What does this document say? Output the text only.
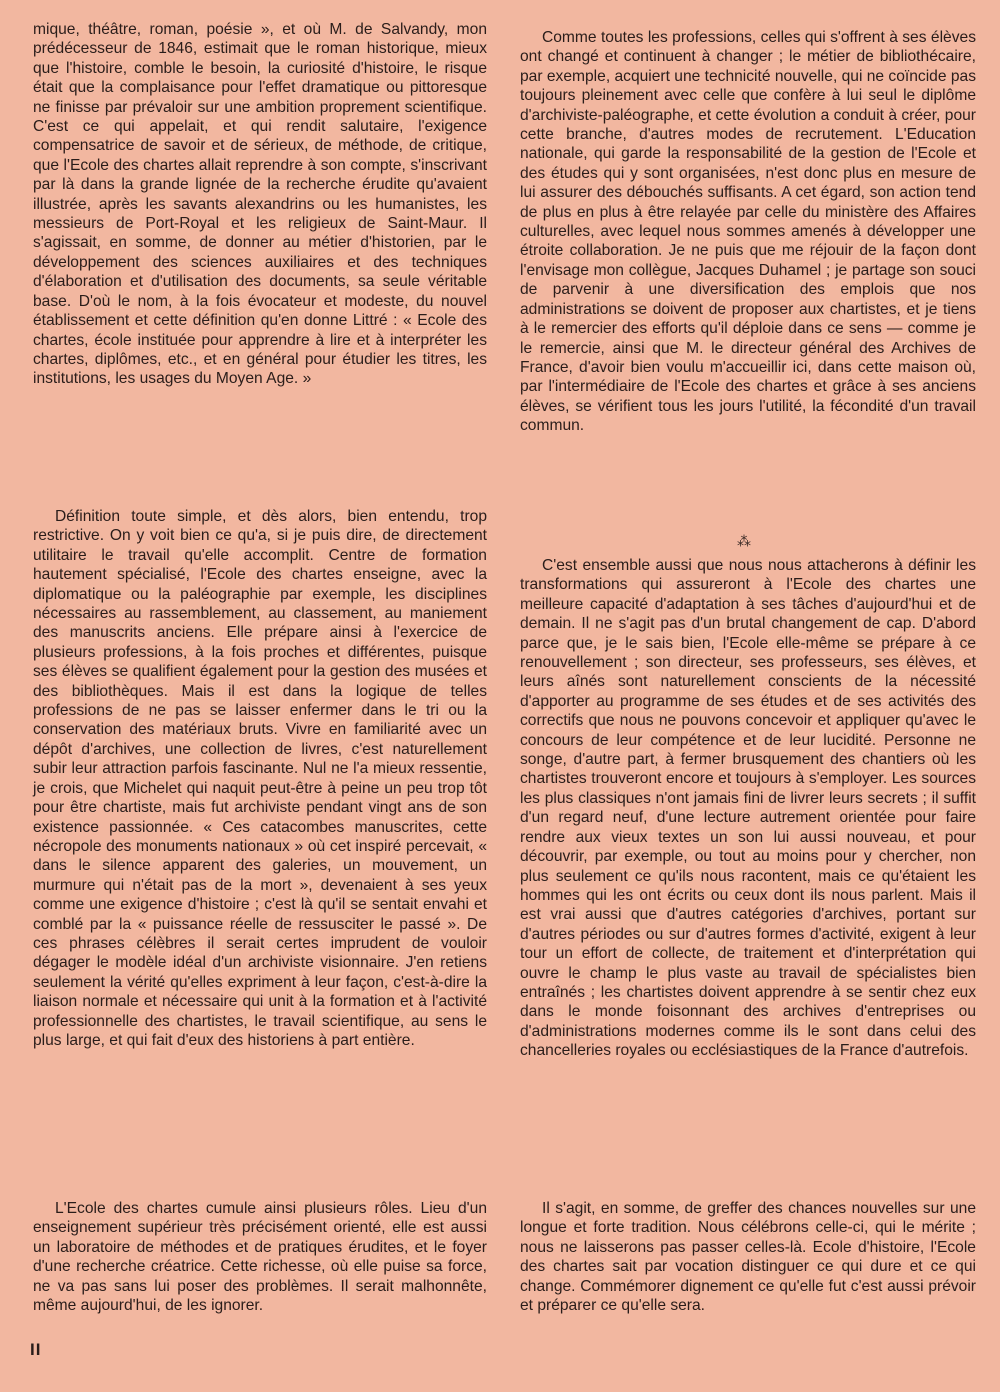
mique, théâtre, roman, poésie », et où M. de Salvandy, mon prédécesseur de 1846, estimait que le roman historique, mieux que l'histoire, comble le besoin, la curiosité d'histoire, le risque était que la complaisance pour l'effet dramatique ou pittoresque ne finisse par prévaloir sur une ambition proprement scientifique. C'est ce qui appelait, et qui rendit salutaire, l'exigence compensatrice de savoir et de sérieux, de méthode, de critique, que l'Ecole des chartes allait reprendre à son compte, s'inscrivant par là dans la grande lignée de la recherche érudite qu'avaient illustrée, après les savants alexandrins ou les humanistes, les messieurs de Port-Royal et les religieux de Saint-Maur. Il s'agissait, en somme, de donner au métier d'historien, par le développement des sciences auxiliaires et des techniques d'élaboration et d'utilisation des documents, sa seule véritable base. D'où le nom, à la fois évocateur et modeste, du nouvel établissement et cette définition qu'en donne Littré : « Ecole des chartes, école instituée pour apprendre à lire et à interpréter les chartes, diplômes, etc., et en général pour étudier les titres, les institutions, les usages du Moyen Age. »

Définition toute simple, et dès alors, bien entendu, trop restrictive. On y voit bien ce qu'a, si je puis dire, de directement utilitaire le travail qu'elle accomplit. Centre de formation hautement spécialisé, l'Ecole des chartes enseigne, avec la diplomatique ou la paléographie par exemple, les disciplines nécessaires au rassemblement, au classement, au maniement des manuscrits anciens. Elle prépare ainsi à l'exercice de plusieurs professions, à la fois proches et différentes, puisque ses élèves se qualifient également pour la gestion des musées et des bibliothèques. Mais il est dans la logique de telles professions de ne pas se laisser enfermer dans le tri ou la conservation des matériaux bruts. Vivre en familiarité avec un dépôt d'archives, une collection de livres, c'est naturellement subir leur attraction parfois fascinante. Nul ne l'a mieux ressentie, je crois, que Michelet qui naquit peut-être à peine un peu trop tôt pour être chartiste, mais fut archiviste pendant vingt ans de son existence passionnée. « Ces catacombes manuscrites, cette nécropole des monuments nationaux » où cet inspiré percevait, « dans le silence apparent des galeries, un mouvement, un murmure qui n'était pas de la mort », devenaient à ses yeux comme une exigence d'histoire ; c'est là qu'il se sentait envahi et comblé par la « puissance réelle de ressusciter le passé ». De ces phrases célèbres il serait certes imprudent de vouloir dégager le modèle idéal d'un archiviste visionnaire. J'en retiens seulement la vérité qu'elles expriment à leur façon, c'est-à-dire la liaison normale et nécessaire qui unit à la formation et à l'activité professionnelle des chartistes, le travail scientifique, au sens le plus large, et qui fait d'eux des historiens à part entière.

L'Ecole des chartes cumule ainsi plusieurs rôles. Lieu d'un enseignement supérieur très précisément orienté, elle est aussi un laboratoire de méthodes et de pratiques érudites, et le foyer d'une recherche créatrice. Cette richesse, où elle puise sa force, ne va pas sans lui poser des problèmes. Il serait malhonnête, même aujourd'hui, de les ignorer.

Comme toutes les professions, celles qui s'offrent à ses élèves ont changé et continuent à changer ; le métier de bibliothécaire, par exemple, acquiert une technicité nouvelle, qui ne coïncide pas toujours pleinement avec celle que confère à lui seul le diplôme d'archiviste-paléographe, et cette évolution a conduit à créer, pour cette branche, d'autres modes de recrutement. L'Education nationale, qui garde la responsabilité de la gestion de l'Ecole et des études qui y sont organisées, n'est donc plus en mesure de lui assurer des débouchés suffisants. A cet égard, son action tend de plus en plus à être relayée par celle du ministère des Affaires culturelles, avec lequel nous sommes amenés à développer une étroite collaboration. Je ne puis que me réjouir de la façon dont l'envisage mon collègue, Jacques Duhamel ; je partage son souci de parvenir à une diversification des emplois que nos administrations se doivent de proposer aux chartistes, et je tiens à le remercier des efforts qu'il déploie dans ce sens — comme je le remercie, ainsi que M. le directeur général des Archives de France, d'avoir bien voulu m'accueillir ici, dans cette maison où, par l'intermédiaire de l'Ecole des chartes et grâce à ses anciens élèves, se vérifient tous les jours l'utilité, la fécondité d'un travail commun.

⁂

C'est ensemble aussi que nous nous attacherons à définir les transformations qui assureront à l'Ecole des chartes une meilleure capacité d'adaptation à ses tâches d'aujourd'hui et de demain. Il ne s'agit pas d'un brutal changement de cap. D'abord parce que, je le sais bien, l'Ecole elle-même se prépare à ce renouvellement ; son directeur, ses professeurs, ses élèves, et leurs aînés sont naturellement conscients de la nécessité d'apporter au programme de ses études et de ses activités des correctifs que nous ne pouvons concevoir et appliquer qu'avec le concours de leur compétence et de leur lucidité. Personne ne songe, d'autre part, à fermer brusquement des chantiers où les chartistes trouveront encore et toujours à s'employer. Les sources les plus classiques n'ont jamais fini de livrer leurs secrets ; il suffit d'un regard neuf, d'une lecture autrement orientée pour faire rendre aux vieux textes un son lui aussi nouveau, et pour découvrir, par exemple, ou tout au moins pour y chercher, non plus seulement ce qu'ils nous racontent, mais ce qu'étaient les hommes qui les ont écrits ou ceux dont ils nous parlent. Mais il est vrai aussi que d'autres catégories d'archives, portant sur d'autres périodes ou sur d'autres formes d'activité, exigent à leur tour un effort de collecte, de traitement et d'interprétation qui ouvre le champ le plus vaste au travail de spécialistes bien entraînés ; les chartistes doivent apprendre à se sentir chez eux dans le monde foisonnant des archives d'entreprises ou d'administrations modernes comme ils le sont dans celui des chancelleries royales ou ecclésiastiques de la France d'autrefois.

Il s'agit, en somme, de greffer des chances nouvelles sur une longue et forte tradition. Nous célébrons celle-ci, qui le mérite ; nous ne laisserons pas passer celles-là. Ecole d'histoire, l'Ecole des chartes sait par vocation distinguer ce qui dure et ce qui change. Commémorer dignement ce qu'elle fut c'est aussi prévoir et préparer ce qu'elle sera.

II
